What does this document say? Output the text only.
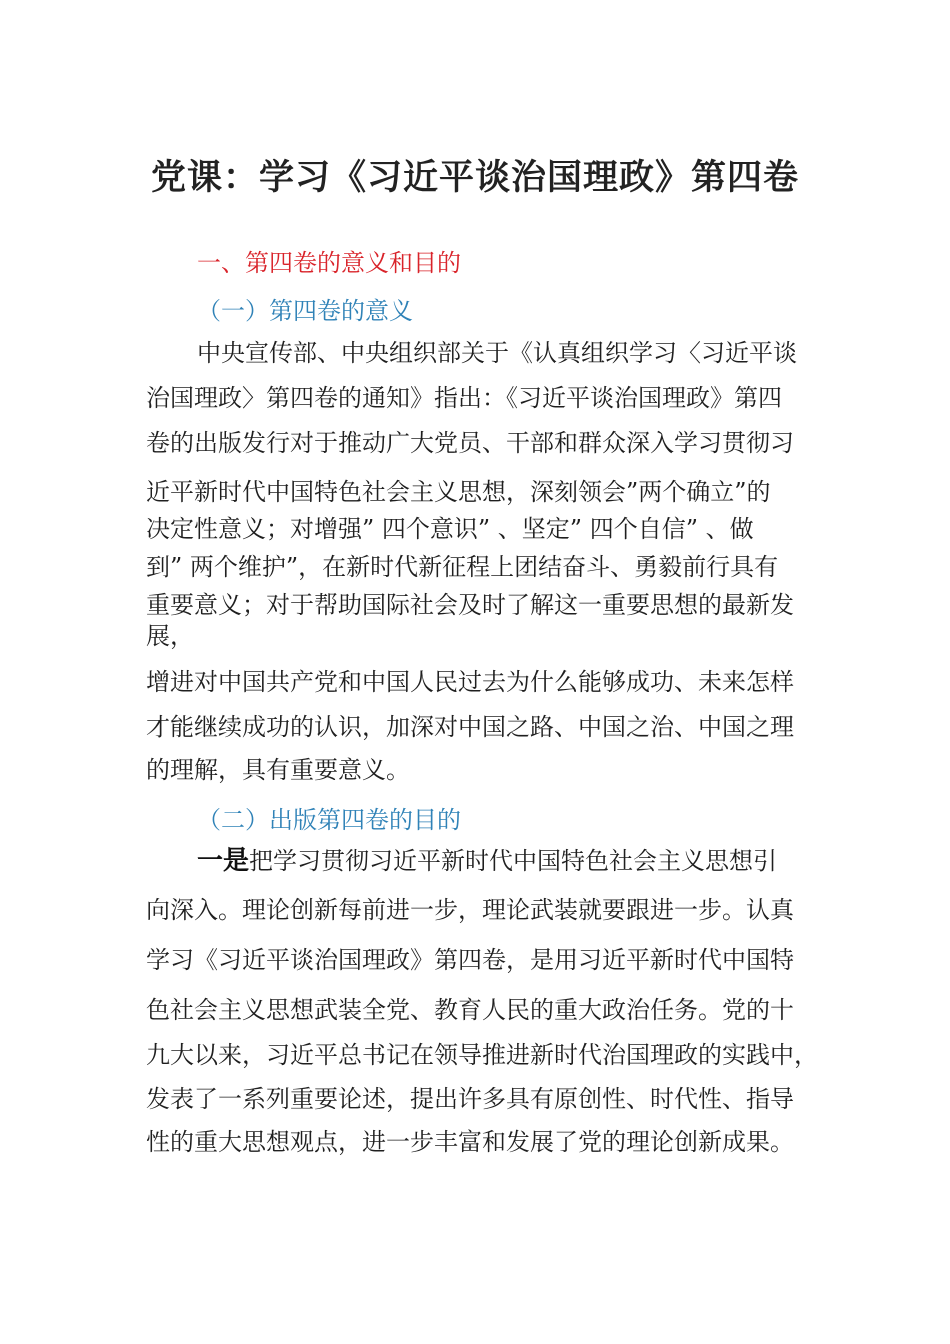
党课：学习《习近平谈治国理政》第四卷
一、第四卷的意义和目的
（一）第四卷的意义
中央宣传部、中央组织部关于《认真组织学习〈习近平谈
治国理政〉第四卷的通知》指出：《习近平谈治国理政》第四
卷的出版发行对于推动广大党员、干部和群众深入学习贯彻习
近平新时代中国特色社会主义思想，深刻领会”两个确立”的
决定性意义；对增强” 四个意识” 、坚定” 四个自信” 、做
到” 两个维护”，在新时代新征程上团结奋斗、勇毅前行具有
重要意义；对于帮助国际社会及时了解这一重要思想的最新发
展，
增进对中国共产党和中国人民过去为什么能够成功、未来怎样
才能继续成功的认识，加深对中国之路、中国之治、中国之理
的理解，具有重要意义。
（二）出版第四卷的目的
一是把学习贯彻习近平新时代中国特色社会主义思想引
向深入。理论创新每前进一步，理论武装就要跟进一步。认真
学习《习近平谈治国理政》第四卷，是用习近平新时代中国特
色社会主义思想武装全党、教育人民的重大政治任务。党的十
九大以来，习近平总书记在领导推进新时代治国理政的实践中，
发表了一系列重要论述，提出许多具有原创性、时代性、指导
性的重大思想观点，进一步丰富和发展了党的理论创新成果。
